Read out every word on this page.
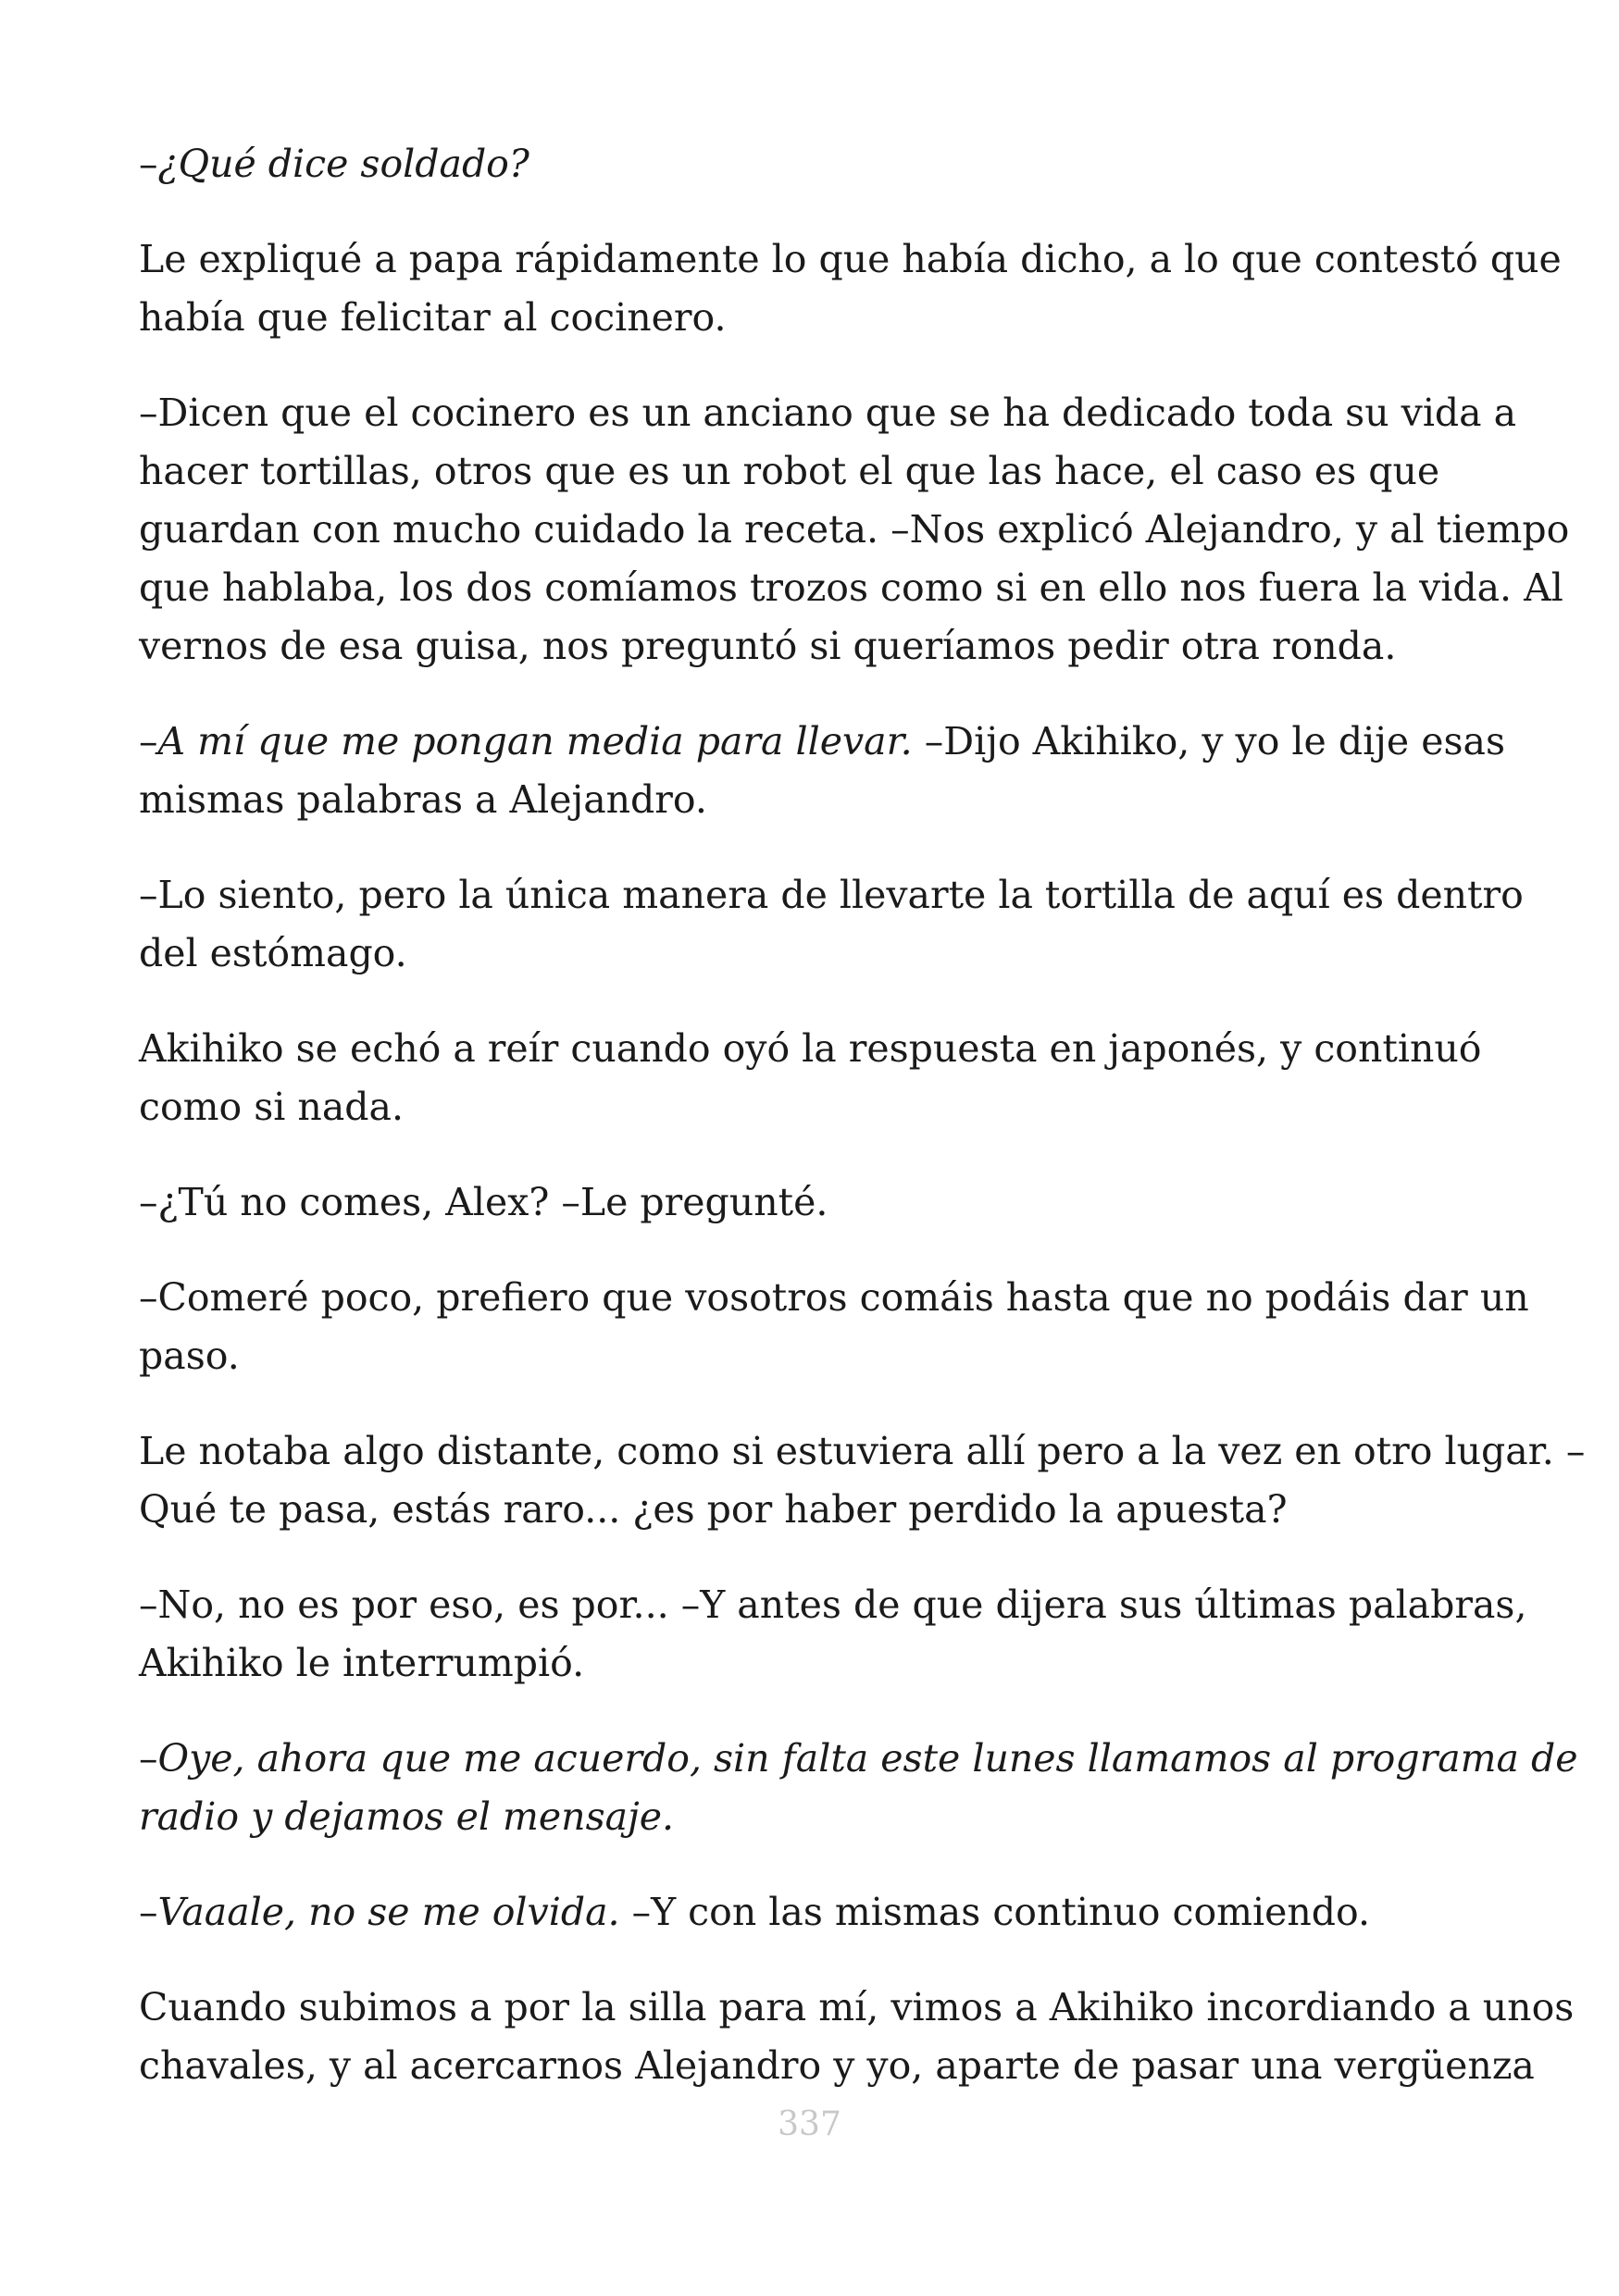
–¿Qué dice soldado?

Le expliqué a papa rápidamente lo que había dicho, a lo que contestó que
había que felicitar al cocinero.

–Dicen que el cocinero es un anciano que se ha dedicado toda su vida a
hacer tortillas, otros que es un robot el que las hace, el caso es que
guardan con mucho cuidado la receta. –Nos explicó Alejandro, y al tiempo
que hablaba, los dos comíamos trozos como si en ello nos fuera la vida. Al
vernos de esa guisa, nos preguntó si queríamos pedir otra ronda.

–A mí que me pongan media para llevar. –Dijo Akihiko, y yo le dije esas
mismas palabras a Alejandro.

–Lo siento, pero la única manera de llevarte la tortilla de aquí es dentro
del estómago.

Akihiko se echó a reír cuando oyó la respuesta en japonés, y continuó
como si nada.

–¿Tú no comes, Alex? –Le pregunté.

–Comeré poco, prefiero que vosotros comáis hasta que no podáis dar un
paso.

Le notaba algo distante, como si estuviera allí pero a la vez en otro lugar. –
Qué te pasa, estás raro... ¿es por haber perdido la apuesta?

–No, no es por eso, es por... –Y antes de que dijera sus últimas palabras,
Akihiko le interrumpió.

–Oye, ahora que me acuerdo, sin falta este lunes llamamos al programa de
radio y dejamos el mensaje.

–Vaaale, no se me olvida. –Y con las mismas continuo comiendo.

Cuando subimos a por la silla para mí, vimos a Akihiko incordiando a unos
chavales, y al acercarnos Alejandro y yo, aparte de pasar una vergüenza

337
